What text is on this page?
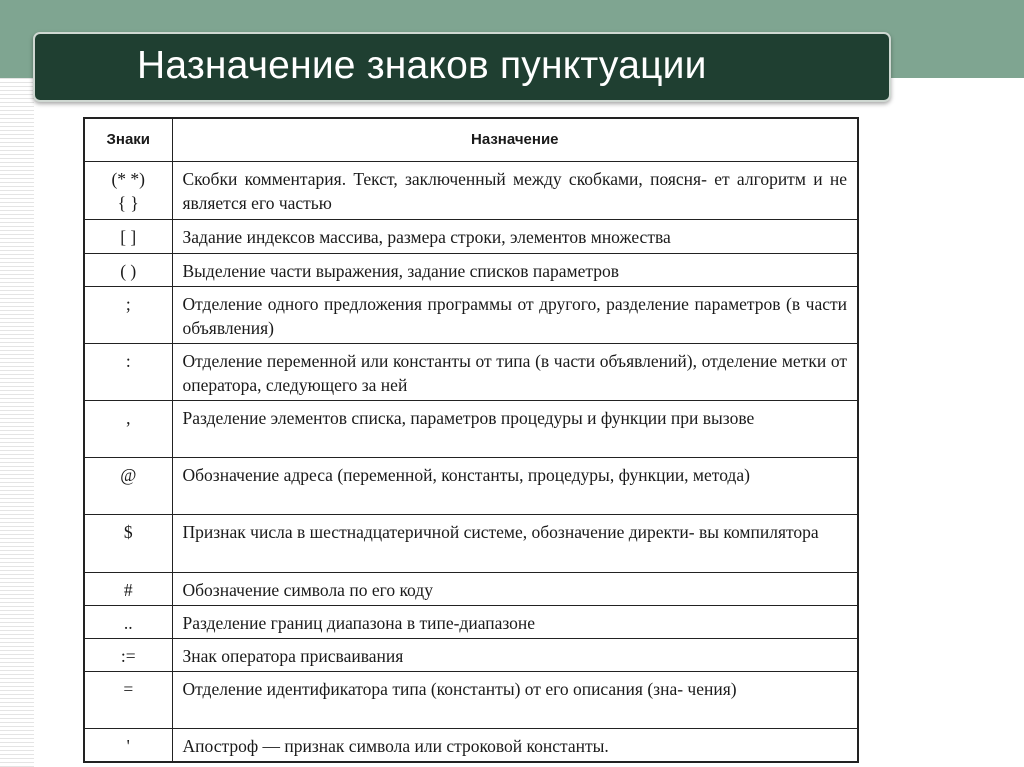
Назначение знаков пунктуации
Знаки	Назначение

(* *)
{ }	Скобки комментария. Текст, заключенный между скобками, поясня- ет алгоритм и не является его частью

[ ]	Задание индексов массива, размера строки, элементов множества

( )	Выделение части выражения, задание списков параметров

;	Отделение одного предложения программы от другого, разделение параметров (в части объявления)

:	Отделение переменной или константы от типа (в части объявлений), отделение метки от оператора, следующего за ней

,	Разделение элементов списка, параметров процедуры и функции при вызове

@	Обозначение адреса (переменной, константы, процедуры, функции, метода)

$	Признак числа в шестнадцатеричной системе, обозначение директи- вы компилятора

#	Обозначение символа по его коду

..	Разделение границ диапазона в типе-диапазоне

:=	Знак оператора присваивания

=	Отделение идентификатора типа (константы) от его описания (зна- чения)

'	Апостроф — признак символа или строковой константы.
